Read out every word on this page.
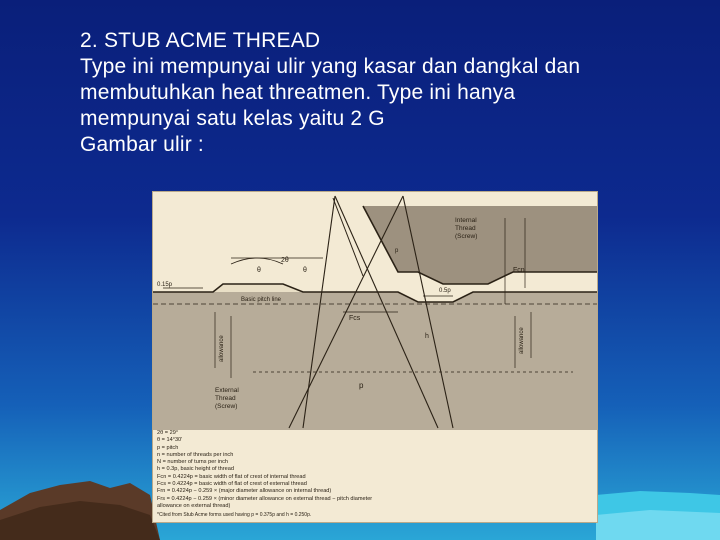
2. STUB ACME THREAD
Type ini mempunyai ulir yang kasar dan dangkal dan
membutuhkan heat threatmen. Type ini hanya
mempunyai satu kelas yaitu 2 G
Gambar ulir :
2θ
θ	θ
Basic pitch line
0.15p
0.5p
Fcn
Fcs
h
p
p
allowance	allowance
Internal
Thread
(Screw)
External
Thread
(Screw)
2θ = 29°
θ = 14°30'
p = pitch
n = number of threads per inch
N = number of turns per inch
h = 0.3p, basic height of thread
Fcn = 0.4224p = basic width of flat of crest of internal thread
Fcs = 0.4224p = basic width of flat of crest of external thread
Frn = 0.4224p − 0.259 × (major diameter allowance on internal thread)
Frs = 0.4224p − 0.259 × (minor diameter allowance on external thread − pitch diameter
allowance on external thread)
*Cited from Stub Acme forms used having p = 0.375p and h = 0.250p.
